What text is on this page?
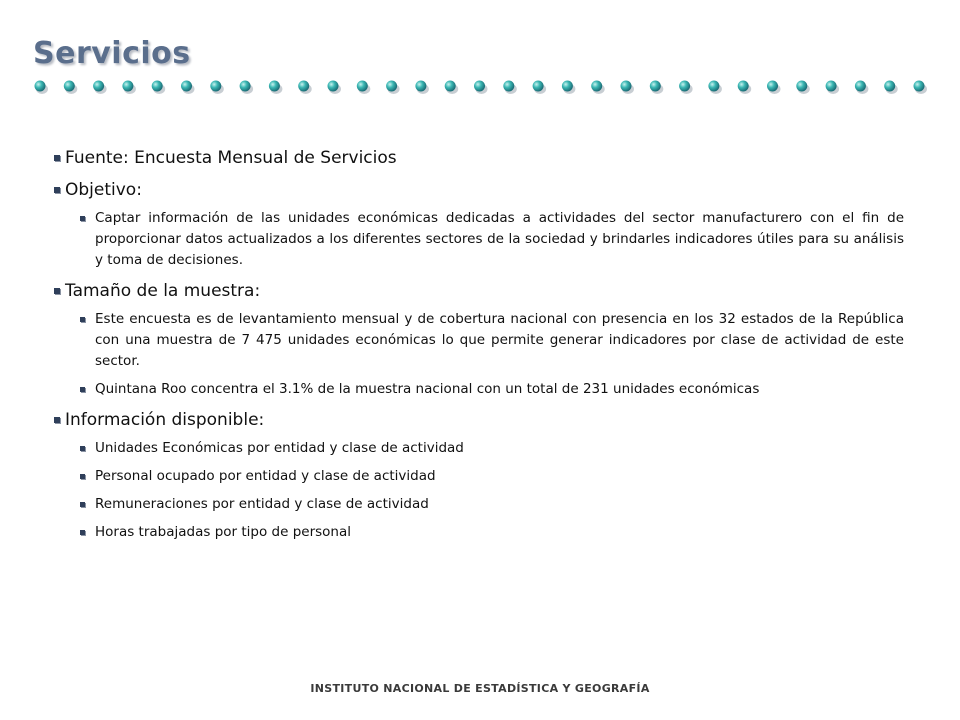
Servicios
Fuente: Encuesta Mensual de Servicios
Objetivo:
Captar información de las unidades económicas dedicadas a actividades del sector manufacturero con el fin de proporcionar datos actualizados a los diferentes sectores de la sociedad y brindarles indicadores útiles para su análisis y toma de decisiones.
Tamaño de la muestra:
Este encuesta es de levantamiento mensual y de cobertura nacional con presencia en los 32 estados de la República con una muestra de 7 475 unidades económicas lo que permite generar indicadores por clase de actividad de este sector.
Quintana Roo concentra el 3.1% de la muestra nacional con un total de 231 unidades económicas
Información disponible:
Unidades Económicas por entidad y clase de actividad
Personal ocupado por entidad y clase de actividad
Remuneraciones por entidad y clase de actividad
Horas trabajadas por tipo de personal
INSTITUTO NACIONAL DE ESTADÍSTICA Y GEOGRAFÍA
